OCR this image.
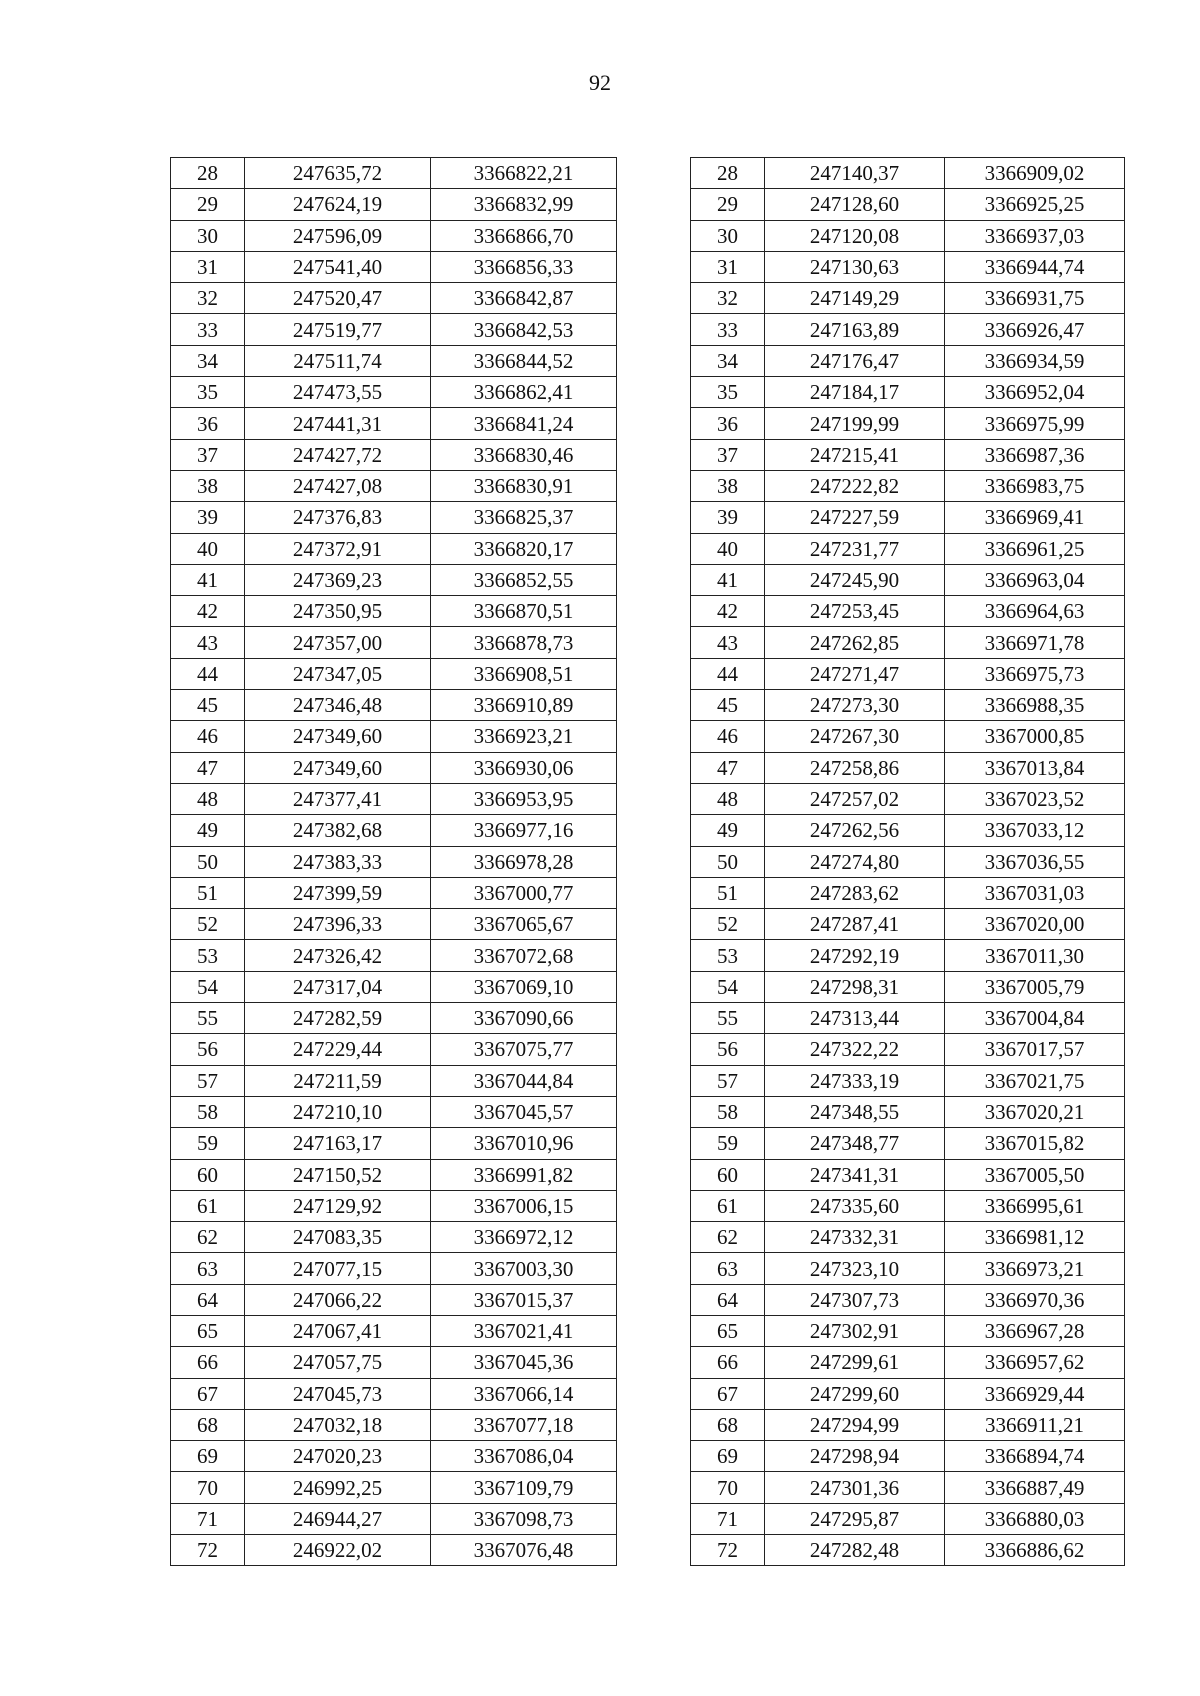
92
28	247635,72	3366822,21
29	247624,19	3366832,99
30	247596,09	3366866,70
31	247541,40	3366856,33
32	247520,47	3366842,87
33	247519,77	3366842,53
34	247511,74	3366844,52
35	247473,55	3366862,41
36	247441,31	3366841,24
37	247427,72	3366830,46
38	247427,08	3366830,91
39	247376,83	3366825,37
40	247372,91	3366820,17
41	247369,23	3366852,55
42	247350,95	3366870,51
43	247357,00	3366878,73
44	247347,05	3366908,51
45	247346,48	3366910,89
46	247349,60	3366923,21
47	247349,60	3366930,06
48	247377,41	3366953,95
49	247382,68	3366977,16
50	247383,33	3366978,28
51	247399,59	3367000,77
52	247396,33	3367065,67
53	247326,42	3367072,68
54	247317,04	3367069,10
55	247282,59	3367090,66
56	247229,44	3367075,77
57	247211,59	3367044,84
58	247210,10	3367045,57
59	247163,17	3367010,96
60	247150,52	3366991,82
61	247129,92	3367006,15
62	247083,35	3366972,12
63	247077,15	3367003,30
64	247066,22	3367015,37
65	247067,41	3367021,41
66	247057,75	3367045,36
67	247045,73	3367066,14
68	247032,18	3367077,18
69	247020,23	3367086,04
70	246992,25	3367109,79
71	246944,27	3367098,73
72	246922,02	3367076,48
28	247140,37	3366909,02
29	247128,60	3366925,25
30	247120,08	3366937,03
31	247130,63	3366944,74
32	247149,29	3366931,75
33	247163,89	3366926,47
34	247176,47	3366934,59
35	247184,17	3366952,04
36	247199,99	3366975,99
37	247215,41	3366987,36
38	247222,82	3366983,75
39	247227,59	3366969,41
40	247231,77	3366961,25
41	247245,90	3366963,04
42	247253,45	3366964,63
43	247262,85	3366971,78
44	247271,47	3366975,73
45	247273,30	3366988,35
46	247267,30	3367000,85
47	247258,86	3367013,84
48	247257,02	3367023,52
49	247262,56	3367033,12
50	247274,80	3367036,55
51	247283,62	3367031,03
52	247287,41	3367020,00
53	247292,19	3367011,30
54	247298,31	3367005,79
55	247313,44	3367004,84
56	247322,22	3367017,57
57	247333,19	3367021,75
58	247348,55	3367020,21
59	247348,77	3367015,82
60	247341,31	3367005,50
61	247335,60	3366995,61
62	247332,31	3366981,12
63	247323,10	3366973,21
64	247307,73	3366970,36
65	247302,91	3366967,28
66	247299,61	3366957,62
67	247299,60	3366929,44
68	247294,99	3366911,21
69	247298,94	3366894,74
70	247301,36	3366887,49
71	247295,87	3366880,03
72	247282,48	3366886,62
